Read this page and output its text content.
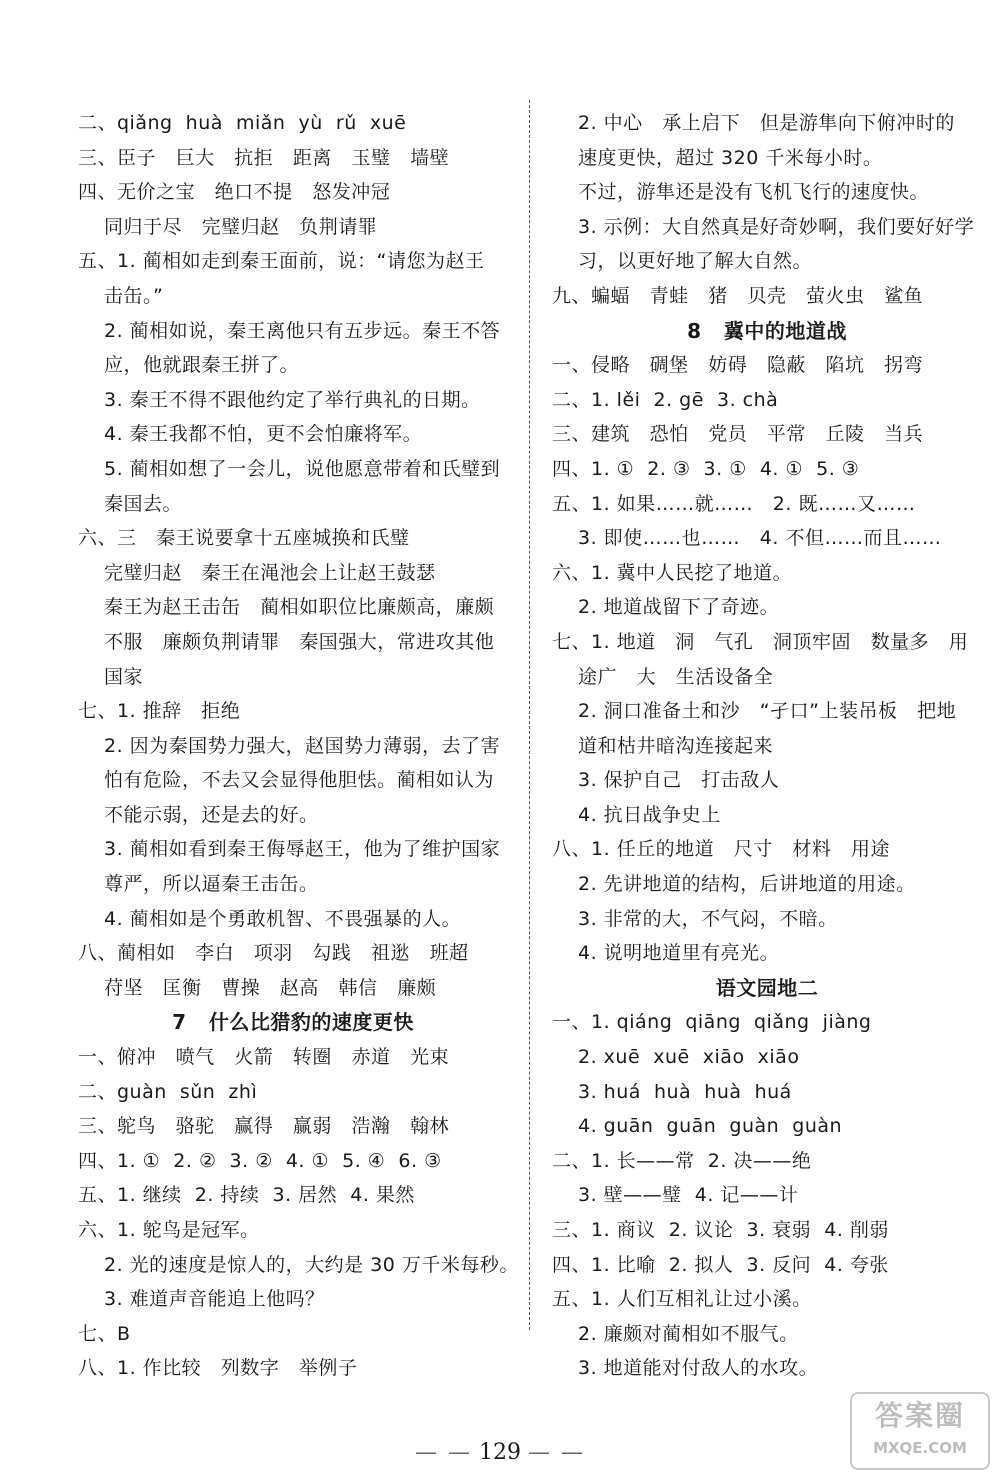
二、qiǎng  huà  miǎn  yù  rǔ  xuē
三、臣子   巨大   抗拒   距离   玉璧   墙壁
四、无价之宝   绝口不提   怒发冲冠
同归于尽   完璧归赵   负荆请罪
五、1. 蔺相如走到秦王面前，说：“请您为赵王
击缶。”
2. 蔺相如说，秦王离他只有五步远。秦王不答
应，他就跟秦王拼了。
3. 秦王不得不跟他约定了举行典礼的日期。
4. 秦王我都不怕，更不会怕廉将军。
5. 蔺相如想了一会儿，说他愿意带着和氏璧到
秦国去。
六、三   秦王说要拿十五座城换和氏璧
完璧归赵   秦王在渑池会上让赵王鼓瑟
秦王为赵王击缶   蔺相如职位比廉颇高，廉颇
不服   廉颇负荆请罪   秦国强大，常进攻其他
国家
七、1. 推辞   拒绝
2. 因为秦国势力强大，赵国势力薄弱，去了害
怕有危险，不去又会显得他胆怯。蔺相如认为
不能示弱，还是去的好。
3. 蔺相如看到秦王侮辱赵王，他为了维护国家
尊严，所以逼秦王击缶。
4. 蔺相如是个勇敢机智、不畏强暴的人。
八、蔺相如   李白   项羽   勾践   祖逖   班超
苻坚   匡衡   曹操   赵高   韩信   廉颇
7   什么比猎豹的速度更快
一、俯冲   喷气   火箭   转圈   赤道   光束
二、guàn  sǔn  zhì
三、鸵鸟   骆驼   赢得   赢弱   浩瀚   翰林
四、1. ①  2. ②  3. ②  4. ①  5. ④  6. ③
五、1. 继续  2. 持续  3. 居然  4. 果然
六、1. 鸵鸟是冠军。
2. 光的速度是惊人的，大约是 30 万千米每秒。
3. 难道声音能追上他吗？
七、B
八、1. 作比较   列数字   举例子
2. 中心   承上启下   但是游隼向下俯冲时的
速度更快，超过 320 千米每小时。
不过，游隼还是没有飞机飞行的速度快。
3. 示例：大自然真是好奇妙啊，我们要好好学
习，以更好地了解大自然。
九、蝙蝠   青蛙   猪   贝壳   萤火虫   鲨鱼
8   冀中的地道战
一、侵略   碉堡   妨碍   隐蔽   陷坑   拐弯
二、1. lěi  2. gē  3. chà
三、建筑   恐怕   党员   平常   丘陵   当兵
四、1. ①  2. ③  3. ①  4. ①  5. ③
五、1. 如果……就……   2. 既……又……
3. 即使……也……   4. 不但……而且……
六、1. 冀中人民挖了地道。
2. 地道战留下了奇迹。
七、1. 地道   洞   气孔   洞顶牢固   数量多   用
途广   大   生活设备全
2. 洞口准备土和沙   “孑口”上装吊板   把地
道和枯井暗沟连接起来
3. 保护自己   打击敌人
4. 抗日战争史上
八、1. 任丘的地道   尺寸   材料   用途
2. 先讲地道的结构，后讲地道的用途。
3. 非常的大，不气闷，不暗。
4. 说明地道里有亮光。
语文园地二
一、1. qiáng  qiāng  qiǎng  jiàng
2. xuē  xuē  xiāo  xiāo
3. huá  huà  huà  huá
4. guān  guān  guàn  guàn
二、1. 长——常  2. 决——绝
3. 壁——璧  4. 记——计
三、1. 商议  2. 议论  3. 衰弱  4. 削弱
四、1. 比喻  2. 拟人  3. 反问  4. 夸张
五、1. 人们互相礼让过小溪。
2. 廉颇对蔺相如不服气。
3. 地道能对付敌人的水攻。
— — 129 — —
答案圈
MXQE.COM
